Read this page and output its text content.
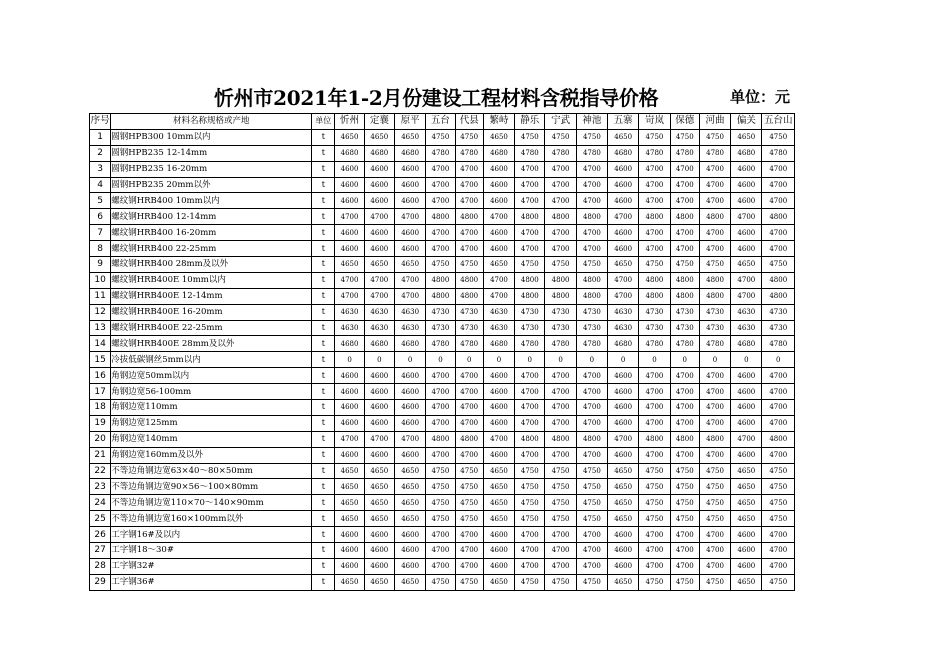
忻州市2021年1-2月份建设工程材料含税指导价格	单位：元
序号	材料名称规格或产地	单位	忻州	定襄	原平	五台	代县	繁峙	静乐	宁武	神池	五寨	岢岚	保德	河曲	偏关	五台山
1	圆钢HPB300 10mm以内	t	4650	4650	4650	4750	4750	4650	4750	4750	4750	4650	4750	4750	4750	4650	4750
2	圆钢HPB235 12-14mm	t	4680	4680	4680	4780	4780	4680	4780	4780	4780	4680	4780	4780	4780	4680	4780
3	圆钢HPB235 16-20mm	t	4600	4600	4600	4700	4700	4600	4700	4700	4700	4600	4700	4700	4700	4600	4700
4	圆钢HPB235 20mm以外	t	4600	4600	4600	4700	4700	4600	4700	4700	4700	4600	4700	4700	4700	4600	4700
5	螺纹钢HRB400 10mm以内	t	4600	4600	4600	4700	4700	4600	4700	4700	4700	4600	4700	4700	4700	4600	4700
6	螺纹钢HRB400 12-14mm	t	4700	4700	4700	4800	4800	4700	4800	4800	4800	4700	4800	4800	4800	4700	4800
7	螺纹钢HRB400 16-20mm	t	4600	4600	4600	4700	4700	4600	4700	4700	4700	4600	4700	4700	4700	4600	4700
8	螺纹钢HRB400 22-25mm	t	4600	4600	4600	4700	4700	4600	4700	4700	4700	4600	4700	4700	4700	4600	4700
9	螺纹钢HRB400 28mm及以外	t	4650	4650	4650	4750	4750	4650	4750	4750	4750	4650	4750	4750	4750	4650	4750
10	螺纹钢HRB400E 10mm以内	t	4700	4700	4700	4800	4800	4700	4800	4800	4800	4700	4800	4800	4800	4700	4800
11	螺纹钢HRB400E 12-14mm	t	4700	4700	4700	4800	4800	4700	4800	4800	4800	4700	4800	4800	4800	4700	4800
12	螺纹钢HRB400E 16-20mm	t	4630	4630	4630	4730	4730	4630	4730	4730	4730	4630	4730	4730	4730	4630	4730
13	螺纹钢HRB400E 22-25mm	t	4630	4630	4630	4730	4730	4630	4730	4730	4730	4630	4730	4730	4730	4630	4730
14	螺纹钢HRB400E 28mm及以外	t	4680	4680	4680	4780	4780	4680	4780	4780	4780	4680	4780	4780	4780	4680	4780
15	冷拔低碳钢丝5mm以内	t	0	0	0	0	0	0	0	0	0	0	0	0	0	0	0
16	角钢边宽50mm以内	t	4600	4600	4600	4700	4700	4600	4700	4700	4700	4600	4700	4700	4700	4600	4700
17	角钢边宽56-100mm	t	4600	4600	4600	4700	4700	4600	4700	4700	4700	4600	4700	4700	4700	4600	4700
18	角钢边宽110mm	t	4600	4600	4600	4700	4700	4600	4700	4700	4700	4600	4700	4700	4700	4600	4700
19	角钢边宽125mm	t	4600	4600	4600	4700	4700	4600	4700	4700	4700	4600	4700	4700	4700	4600	4700
20	角钢边宽140mm	t	4700	4700	4700	4800	4800	4700	4800	4800	4800	4700	4800	4800	4800	4700	4800
21	角钢边宽160mm及以外	t	4600	4600	4600	4700	4700	4600	4700	4700	4700	4600	4700	4700	4700	4600	4700
22	不等边角钢边宽63×40～80×50mm	t	4650	4650	4650	4750	4750	4650	4750	4750	4750	4650	4750	4750	4750	4650	4750
23	不等边角钢边宽90×56～100×80mm	t	4650	4650	4650	4750	4750	4650	4750	4750	4750	4650	4750	4750	4750	4650	4750
24	不等边角钢边宽110×70～140×90mm	t	4650	4650	4650	4750	4750	4650	4750	4750	4750	4650	4750	4750	4750	4650	4750
25	不等边角钢边宽160×100mm以外	t	4650	4650	4650	4750	4750	4650	4750	4750	4750	4650	4750	4750	4750	4650	4750
26	工字钢16#及以内	t	4600	4600	4600	4700	4700	4600	4700	4700	4700	4600	4700	4700	4700	4600	4700
27	工字钢18～30#	t	4600	4600	4600	4700	4700	4600	4700	4700	4700	4600	4700	4700	4700	4600	4700
28	工字钢32#	t	4600	4600	4600	4700	4700	4600	4700	4700	4700	4600	4700	4700	4700	4600	4700
29	工字钢36#	t	4650	4650	4650	4750	4750	4650	4750	4750	4750	4650	4750	4750	4750	4650	4750
